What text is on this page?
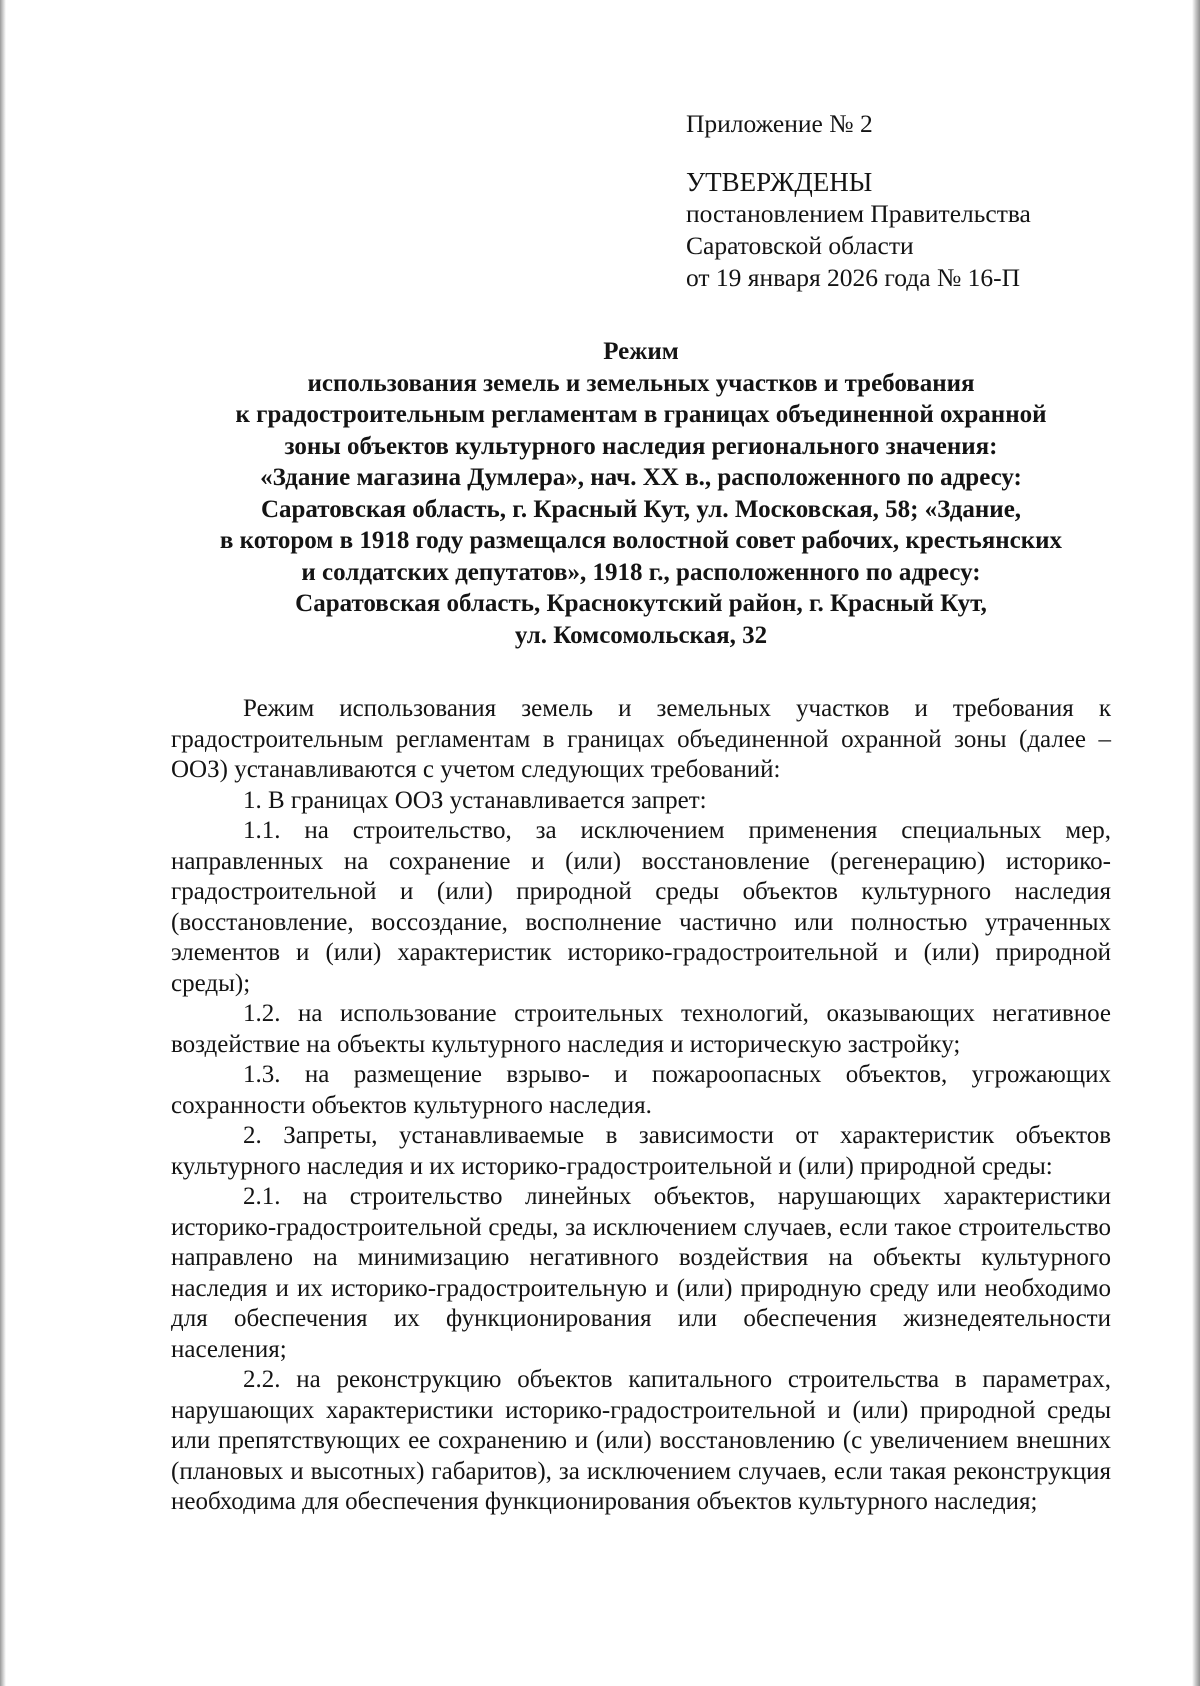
Приложение № 2
УТВЕРЖДЕНЫ
постановлением Правительства
Саратовской области
от 19 января 2026 года № 16-П
Режим
использования земель и земельных участков и требования
к градостроительным регламентам в границах объединенной охранной
зоны объектов культурного наследия регионального значения:
«Здание магазина Думлера», нач. XX в., расположенного по адресу:
Саратовская область, г. Красный Кут, ул. Московская, 58; «Здание,
в котором в 1918 году размещался волостной совет рабочих, крестьянских
и солдатских депутатов», 1918 г., расположенного по адресу:
Саратовская область, Краснокутский район, г. Красный Кут,
ул. Комсомольская, 32

Режим использования земель и земельных участков и требования к градостроительным регламентам в границах объединенной охранной зоны (далее – ООЗ) устанавливаются с учетом следующих требований:

1. В границах ООЗ устанавливается запрет:

1.1. на строительство, за исключением применения специальных мер, направленных на сохранение и (или) восстановление (регенерацию) историко-градостроительной и (или) природной среды объектов культурного наследия (восстановление, воссоздание, восполнение частично или полностью утраченных элементов и (или) характеристик историко-градостроительной и (или) природной среды);

1.2. на использование строительных технологий, оказывающих негативное воздействие на объекты культурного наследия и историческую застройку;

1.3. на размещение взрыво- и пожароопасных объектов, угрожающих сохранности объектов культурного наследия.

2. Запреты, устанавливаемые в зависимости от характеристик объектов культурного наследия и их историко-градостроительной и (или) природной среды:

2.1. на строительство линейных объектов, нарушающих характеристики историко-градостроительной среды, за исключением случаев, если такое строительство направлено на минимизацию негативного воздействия на объекты культурного наследия и их историко-градостроительную и (или) природную среду или необходимо для обеспечения их функционирования или обеспечения жизнедеятельности населения;

2.2. на реконструкцию объектов капитального строительства в параметрах, нарушающих характеристики историко-градостроительной и (или) природной среды или препятствующих ее сохранению и (или) восстановлению (с увеличением внешних (плановых и высотных) габаритов), за исключением случаев, если такая реконструкция необходима для обеспечения функционирования объектов культурного наследия;
